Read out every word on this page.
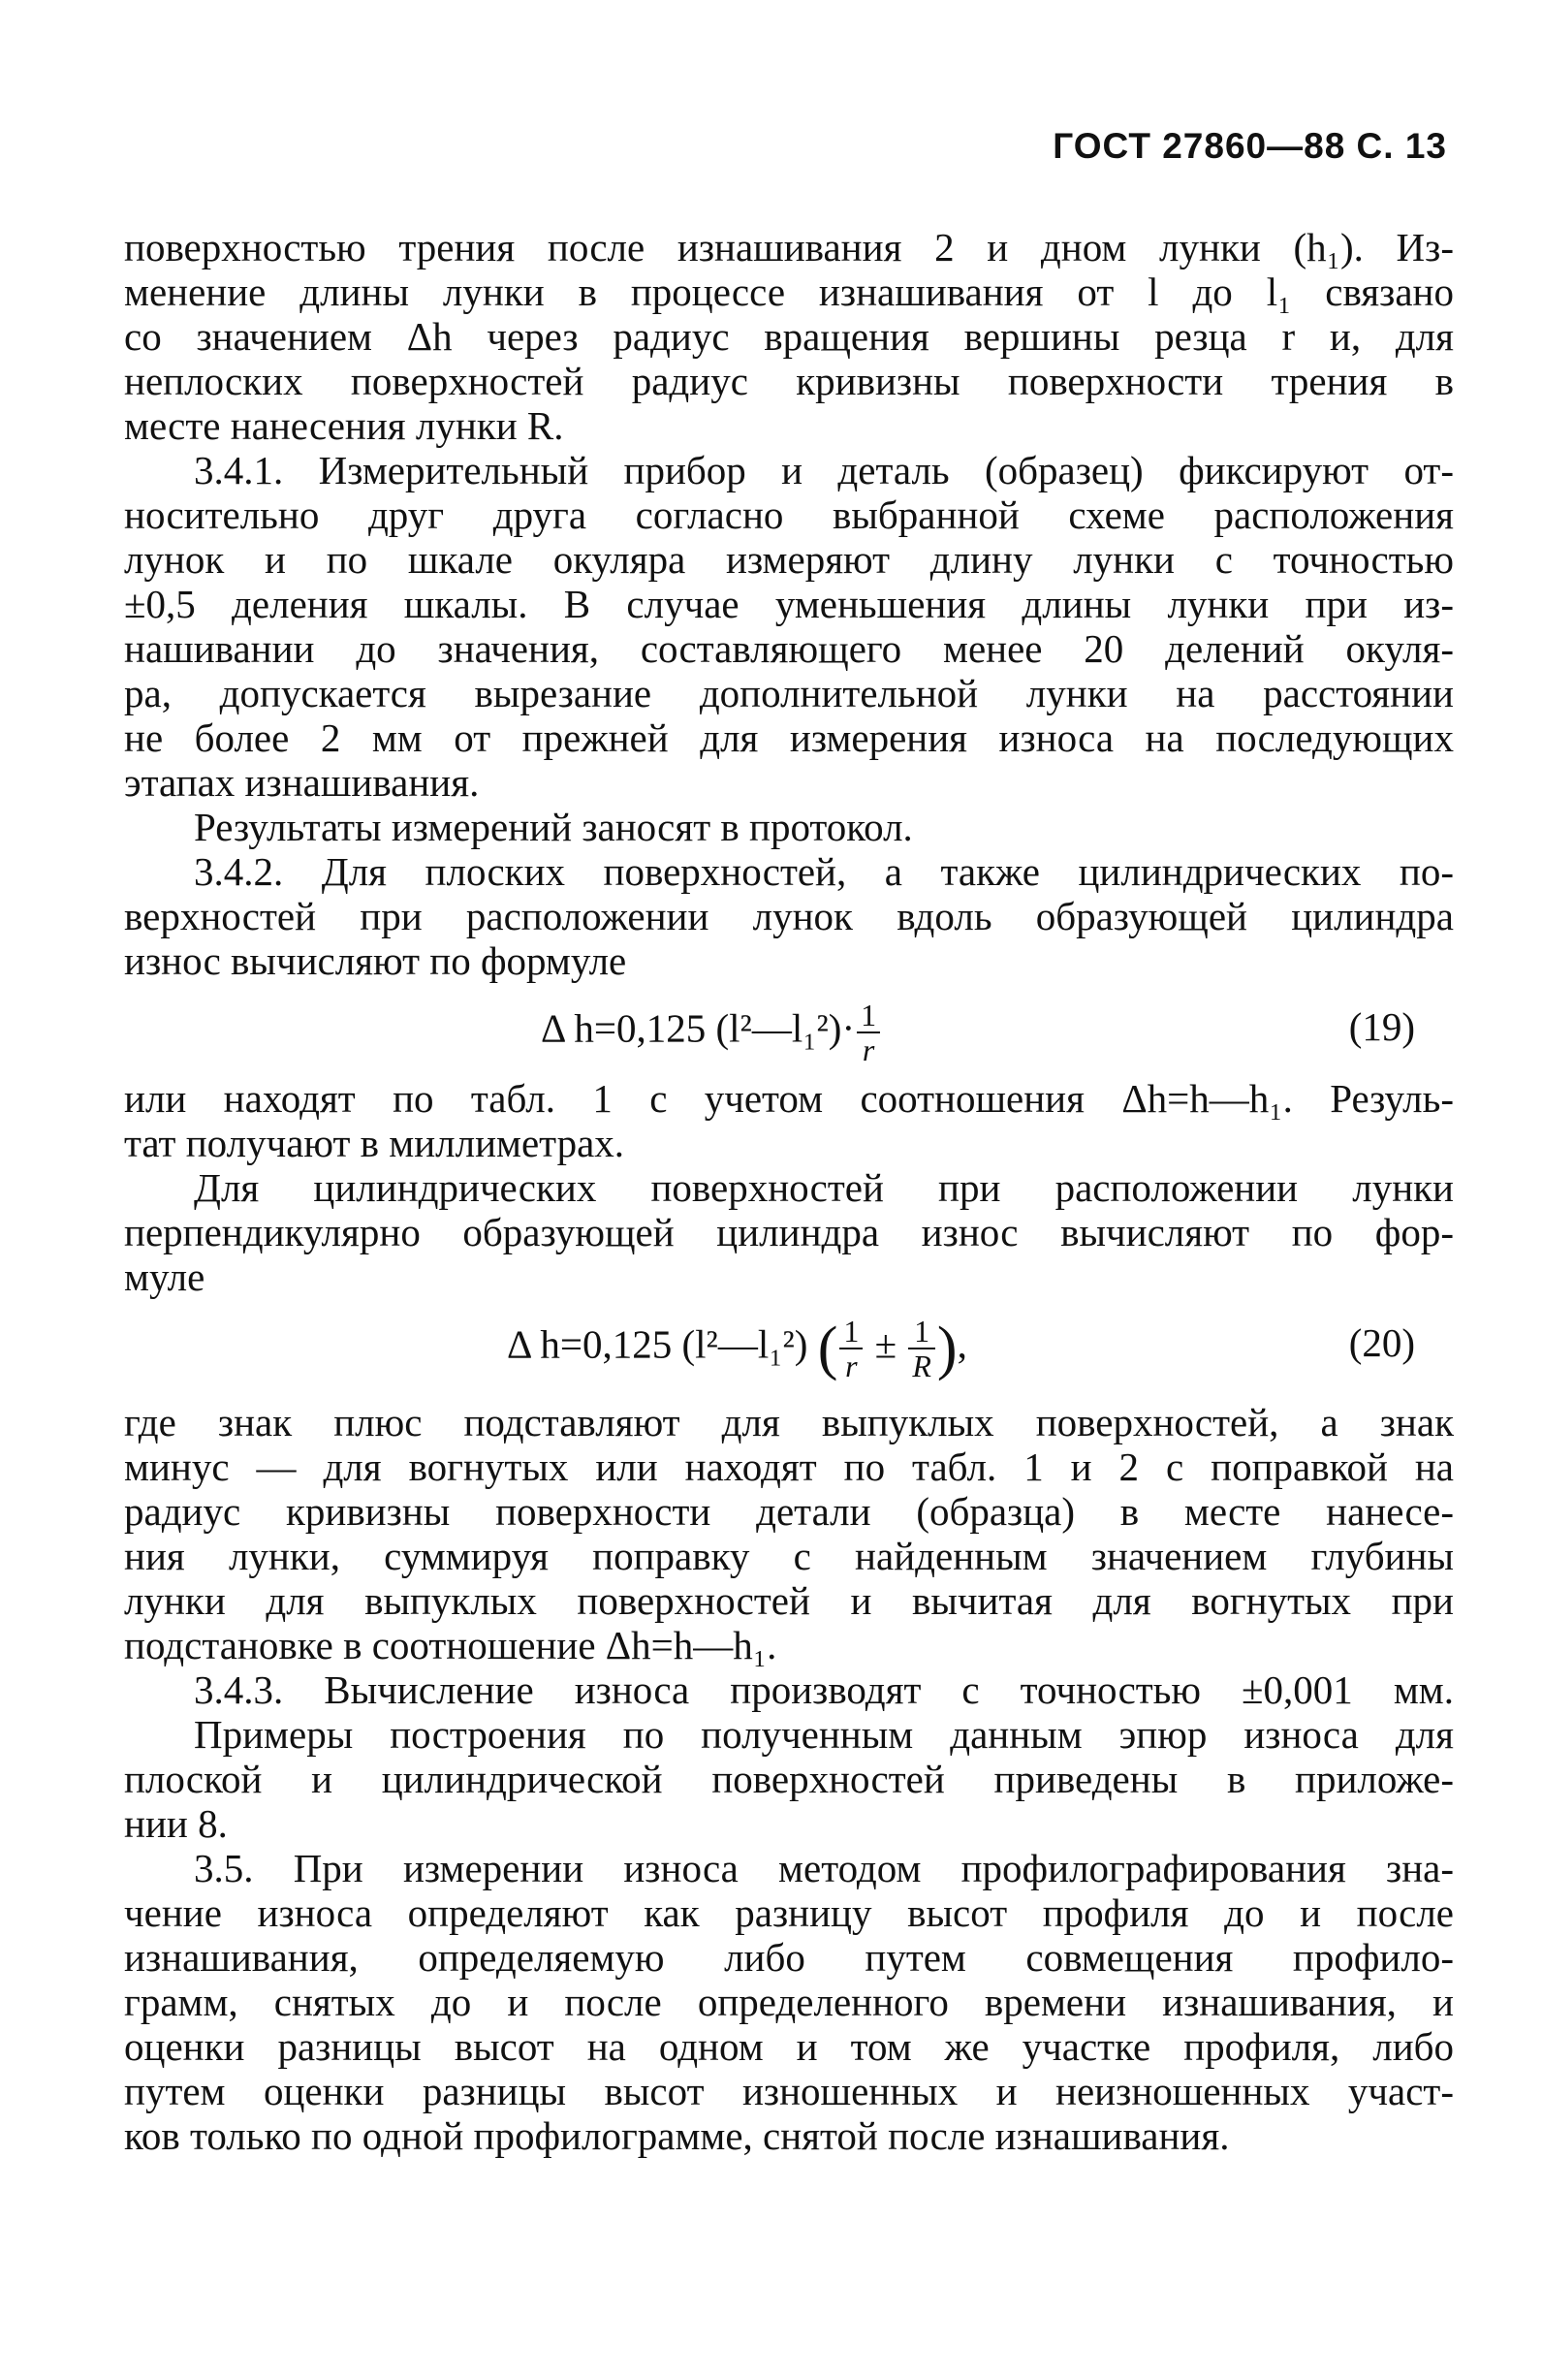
ГОСТ 27860—88 С. 13
поверхностью трения после изнашивания 2 и дном лунки (h₁). Из-
менение длины лунки в процессе изнашивания от l до l₁ связано
со значением Δh через радиус вращения вершины резца r и, для
неплоских поверхностей радиус кривизны поверхности трения в
месте нанесения лунки R.
3.4.1. Измерительный прибор и деталь (образец) фиксируют от-
носительно друг друга согласно выбранной схеме расположения
лунок и по шкале окуляра измеряют длину лунки с точностью
±0,5 деления шкалы. В случае уменьшения длины лунки при из-
нашивании до значения, составляющего менее 20 делений окуля-
ра, допускается вырезание дополнительной лунки на расстоянии
не более 2 мм от прежней для измерения износа на последующих
этапах изнашивания.
Результаты измерений заносят в протокол.
3.4.2. Для плоских поверхностей, а также цилиндрических по-
верхностей при расположении лунок вдоль образующей цилиндра
износ вычисляют по формуле
Δ h=0,125 (l²—l₁²)· $\frac{1}{r}$	(19)
или находят по табл. 1 с учетом соотношения Δh=h—h₁. Резуль-
тат получают в миллиметрах.
Для цилиндрических поверхностей при расположении лунки
перпендикулярно образующей цилиндра износ вычисляют по фор-
муле
Δ h=0,125 (l²—l₁²) ( $\frac{1}{r} \pm \frac{1}{R}$ ),	(20)
где знак плюс подставляют для выпуклых поверхностей, а знак
минус — для вогнутых или находят по табл. 1 и 2 с поправкой на
радиус кривизны поверхности детали (образца) в месте нанесе-
ния лунки, суммируя поправку с найденным значением глубины
лунки для выпуклых поверхностей и вычитая для вогнутых при
подстановке в соотношение Δh=h—h₁.
3.4.3. Вычисление износа производят с точностью ±0,001 мм.
Примеры построения по полученным данным эпюр износа для
плоской и цилиндрической поверхностей приведены в приложе-
нии 8.
3.5. При измерении износа методом профилографирования зна-
чение износа определяют как разницу высот профиля до и после
изнашивания, определяемую либо путем совмещения профило-
грамм, снятых до и после определенного времени изнашивания, и
оценки разницы высот на одном и том же участке профиля, либо
путем оценки разницы высот изношенных и неизношенных участ-
ков только по одной профилограмме, снятой после изнашивания.
